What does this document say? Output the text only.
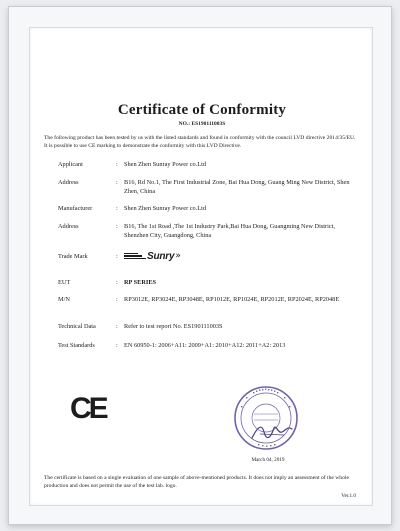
Certificate of Conformity
NO.: ES190111003S
The following product has been tested by us with the listed standards and found in conformity with the council LVD directive 2014/35/EU. It is possible to use CE marking to demonstrate the conformity with this LVD Directive.
Applicant	: Shen Zhen Sunray Power co.Ltd
Address	: B16, Rd No.1, The First Industrial Zone, Bai Hua Dong, Guang Ming New District, Shen Zhen, China
Manufacturer	: Shen Zhen Sunray Power co.Ltd
Address	: B16, The 1st Road ,The 1st Industry Park,Bai Hua Dong, Guangming New District, Shenzhen City, Guangdong, China
Trade Mark	:	Sunry »
EUT	: RP SERIES
M/N	: RP3012E, RP3024E, RP3048E, RP1012E, RP1024E, RP2012E, RP2024E, RP2048E
Technical Data	: Refer to test report No. ES190111003S
Test Standards	: EN 60950-1: 2006+A11: 2009+A1: 2010+A12: 2011+A2: 2013
CE
March 04, 2019
The certificate is based on a single evaluation of one sample of above-mentioned products. It does not imply an assessment of the whole production and does not permit the use of the test lab. logo.
Ver.1.0
